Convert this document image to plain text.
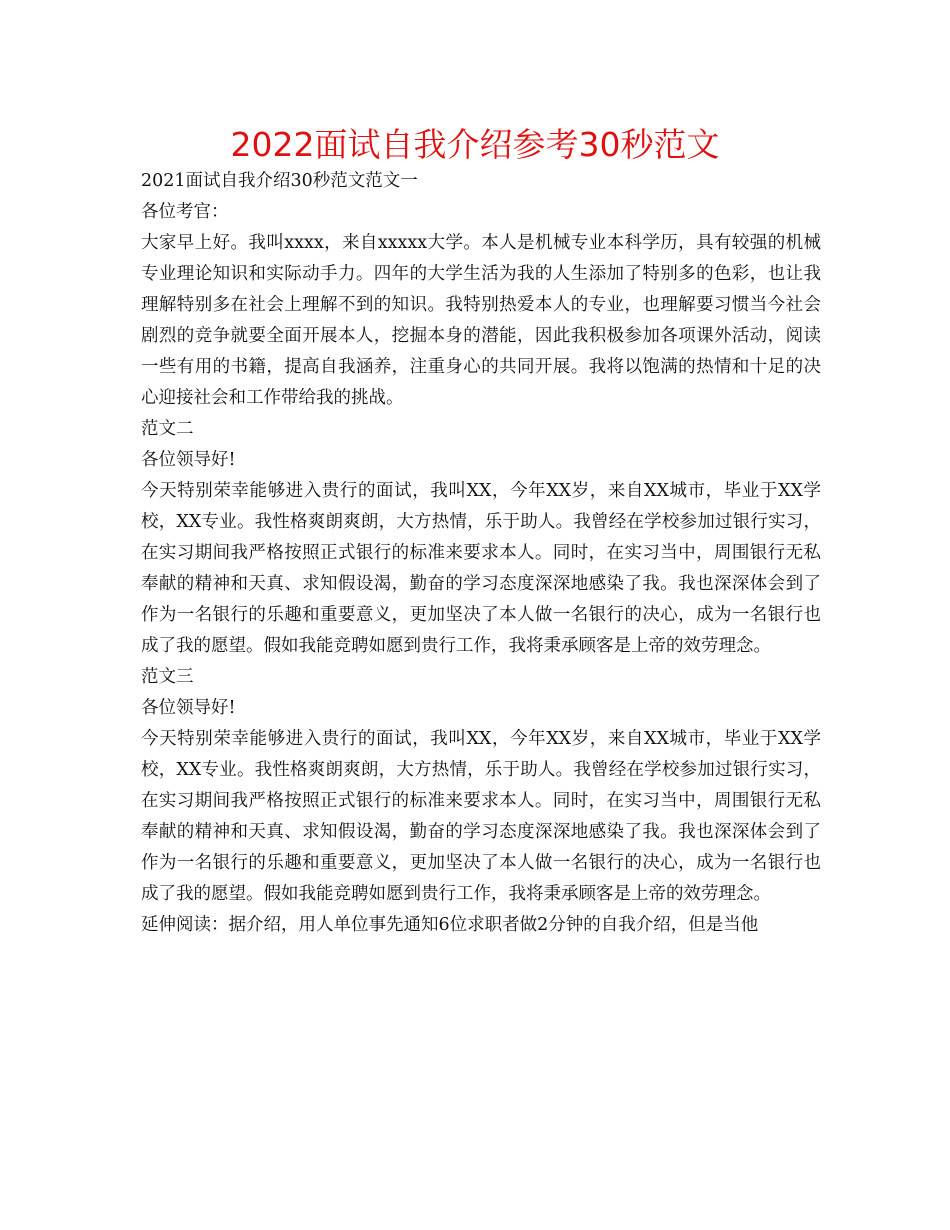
2022面试自我介绍参考30秒范文

2021面试自我介绍30秒范文范文一

各位考官：

大家早上好。我叫xxxx，来自xxxxx大学。本人是机械专业本科学历，具有较强的机械专业理论知识和实际动手力。四年的大学生活为我的人生添加了特别多的色彩，也让我理解特别多在社会上理解不到的知识。我特别热爱本人的专业，也理解要习惯当今社会剧烈的竞争就要全面开展本人，挖掘本身的潜能，因此我积极参加各项课外活动，阅读一些有用的书籍，提高自我涵养，注重身心的共同开展。我将以饱满的热情和十足的决心迎接社会和工作带给我的挑战。

范文二

各位领导好!

今天特别荣幸能够进入贵行的面试，我叫XX，今年XX岁，来自XX城市，毕业于XX学校，XX专业。我性格爽朗爽朗，大方热情，乐于助人。我曾经在学校参加过银行实习，在实习期间我严格按照正式银行的标准来要求本人。同时，在实习当中，周围银行无私奉献的精神和天真、求知假设渴，勤奋的学习态度深深地感染了我。我也深深体会到了作为一名银行的乐趣和重要意义，更加坚决了本人做一名银行的决心，成为一名银行也成了我的愿望。假如我能竞聘如愿到贵行工作，我将秉承顾客是上帝的效劳理念。

范文三

各位领导好!

今天特别荣幸能够进入贵行的面试，我叫XX，今年XX岁，来自XX城市，毕业于XX学校，XX专业。我性格爽朗爽朗，大方热情，乐于助人。我曾经在学校参加过银行实习，在实习期间我严格按照正式银行的标准来要求本人。同时，在实习当中，周围银行无私奉献的精神和天真、求知假设渴，勤奋的学习态度深深地感染了我。我也深深体会到了作为一名银行的乐趣和重要意义，更加坚决了本人做一名银行的决心，成为一名银行也成了我的愿望。假如我能竞聘如愿到贵行工作，我将秉承顾客是上帝的效劳理念。

延伸阅读：据介绍，用人单位事先通知6位求职者做2分钟的自我介绍，但是当他
